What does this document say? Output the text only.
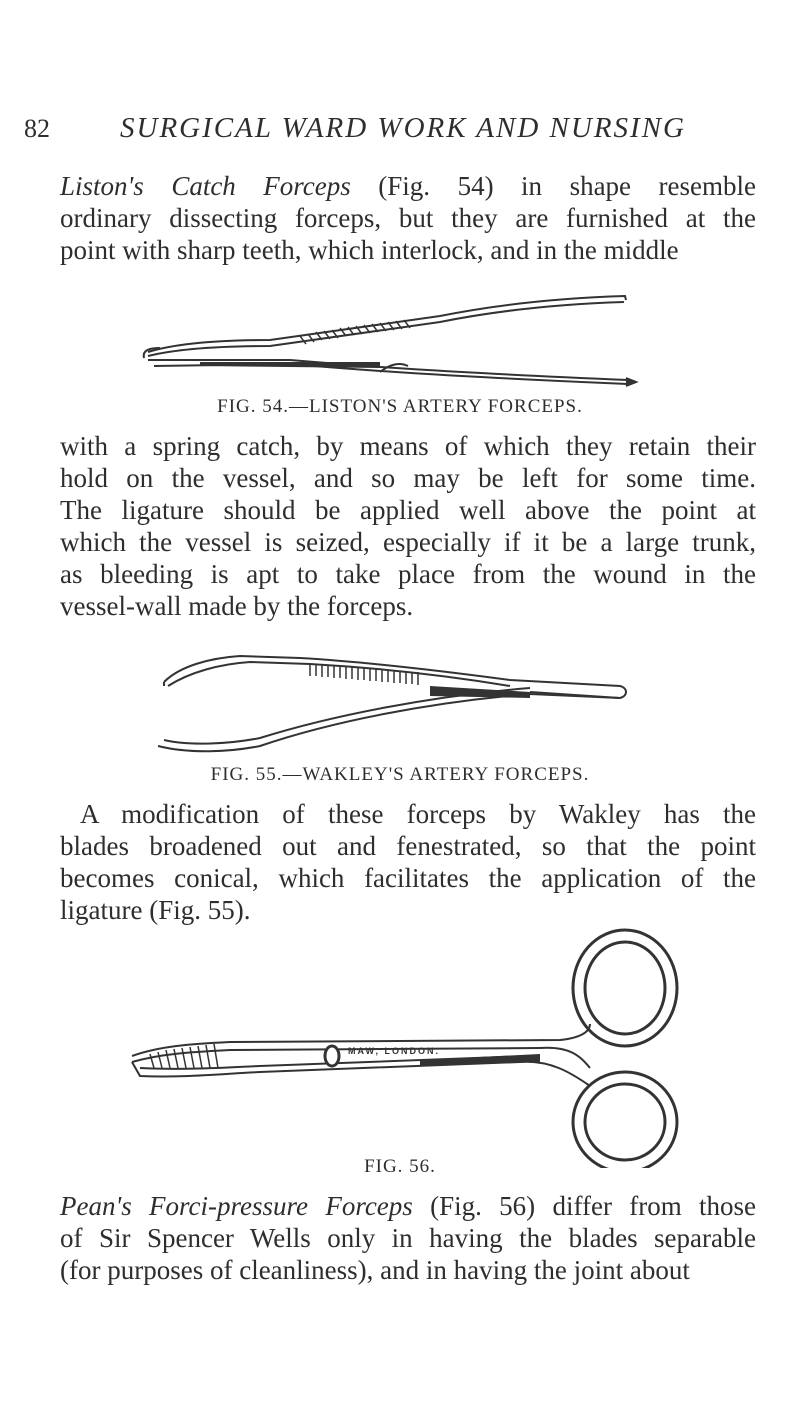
82 SURGICAL WARD WORK AND NURSING
Liston's Catch Forceps (Fig. 54) in shape resemble
ordinary dissecting forceps, but they are furnished at the
point with sharp teeth, which interlock, and in the middle
FIG. 54.—LISTON'S ARTERY FORCEPS.
with a spring catch, by means of which they retain their
hold on the vessel, and so may be left for some time.
The ligature should be applied well above the point at
which the vessel is seized, especially if it be a large trunk,
as bleeding is apt to take place from the wound in the
vessel-wall made by the forceps.
FIG. 55.—WAKLEY'S ARTERY FORCEPS.
A modification of these forceps by Wakley has the
blades broadened out and fenestrated, so that the point
becomes conical, which facilitates the application of the
ligature (Fig. 55).
MAW, LONDON.
FIG. 56.
Pean's Forci-pressure Forceps (Fig. 56) differ from those
of Sir Spencer Wells only in having the blades separable
(for purposes of cleanliness), and in having the joint about
